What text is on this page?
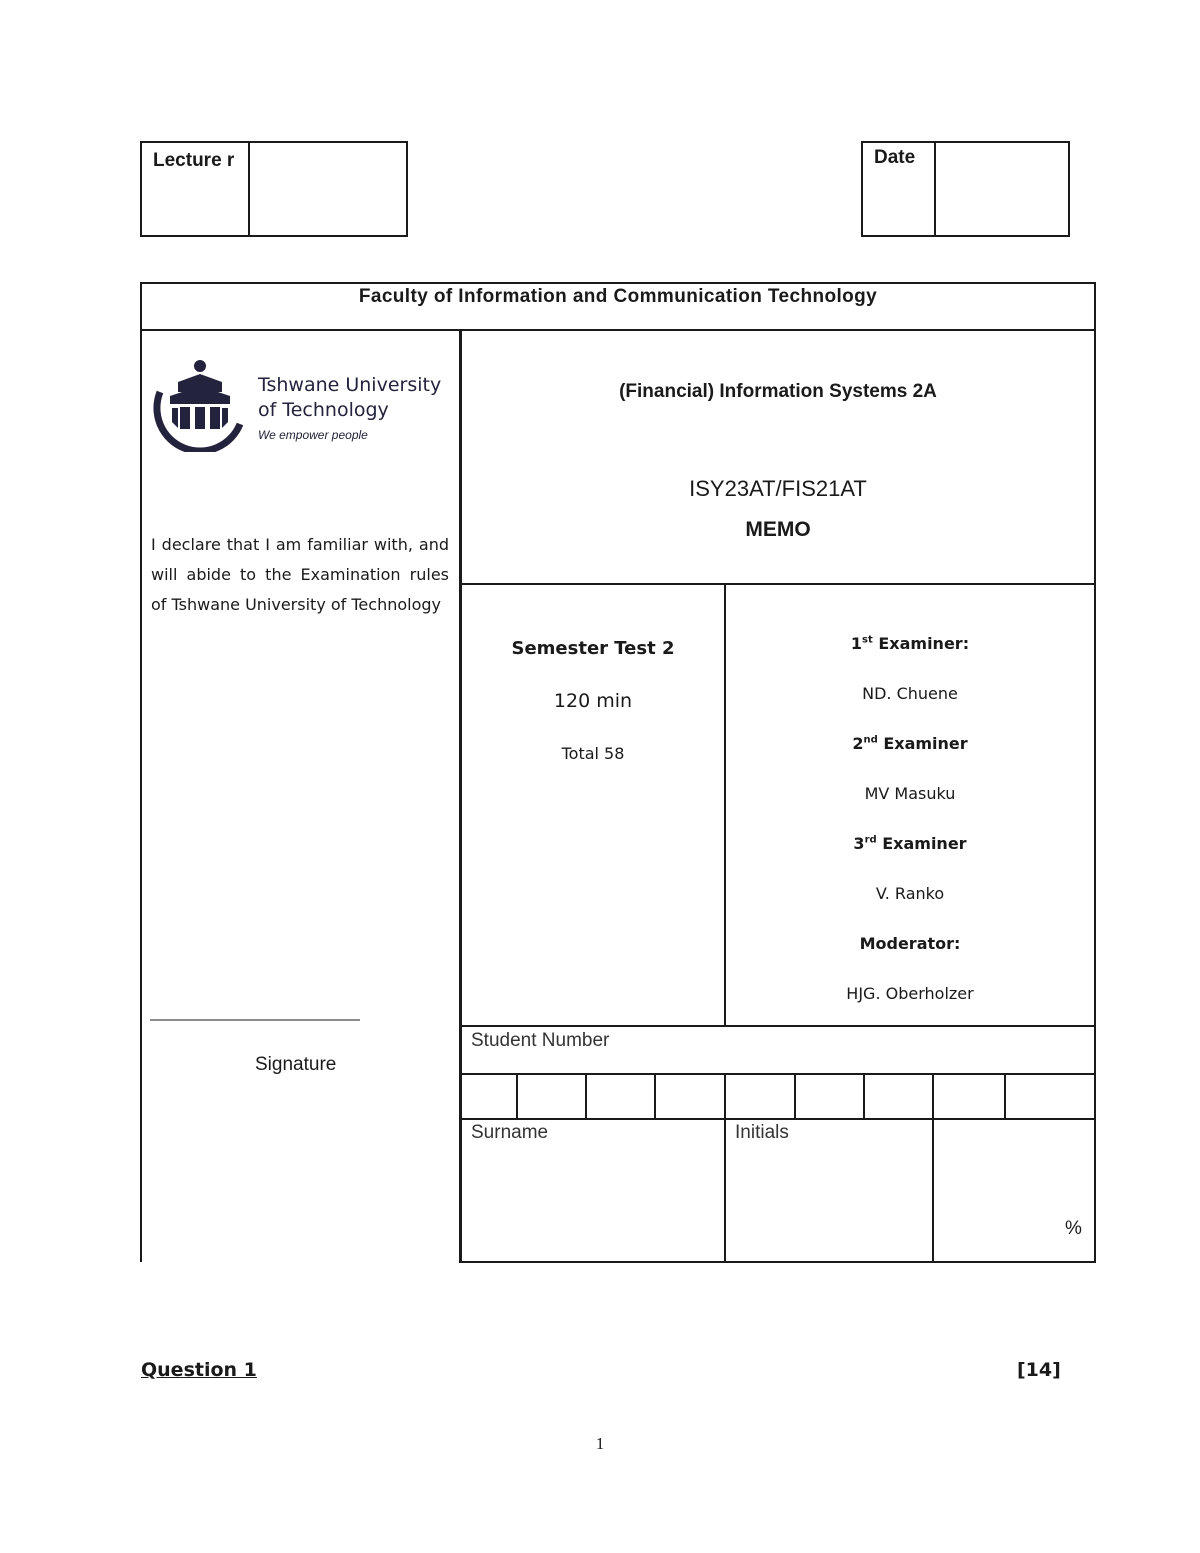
Lecture r	Date
Faculty of Information and Communication Technology
Tshwane University
of Technology
We empower people
I declare that I am familiar with, and will abide to the Examination rules of Tshwane University of Technology
——————————————
Signature
(Financial) Information Systems 2A
ISY23AT/FIS21AT
MEMO
Semester Test 2
120 min
Total 58
1st Examiner:
ND. Chuene
2nd Examiner
MV Masuku
3rd Examiner
V. Ranko
Moderator:
HJG. Oberholzer
Student Number
Surname	Initials
%
Question 1	[14]
1
